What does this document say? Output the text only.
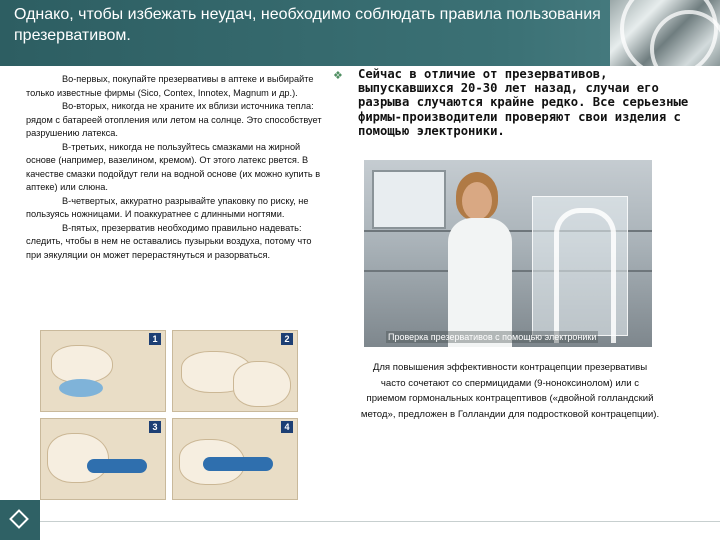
Однако, чтобы избежать неудач, необходимо соблюдать правила пользования презервативом.

Во-первых, покупайте презервативы в аптеке и выбирайте только известные фирмы (Sico, Contex, Innotex, Magnum и др.).

Во-вторых, никогда не храните их вблизи источника тепла: рядом с батареей отопления или летом на солнце. Это способствует разрушению латекса.

В-третьих, никогда не пользуйтесь смазками на жирной основе (например, вазелином, кремом). От этого латекс рвется. В качестве смазки подойдут гели на водной основе (их можно купить в аптеке) или слюна.

В-четвертых, аккуратно разрывайте упаковку по риску, не пользуясь ножницами. И поаккуратнее с длинными ногтями.

В-пятых, презерватив необходимо правильно надевать: следить, чтобы в нем не оставались пузырьки воздуха, потому что при эякуляции он может перерастянуться и разорваться.

❖ Сейчас в отличие от презервативов, выпускавшихся 20-30 лет назад, случаи его разрыва случаются крайне редко. Все серьезные фирмы-производители проверяют свои изделия с помощью электроники.
Проверка презервативов с помощью электроники
Для повышения эффективности контрацепции презервативы часто сочетают со спермицидами (9-ноноксинолом) или с приемом гормональных контрацептивов («двойной голландский метод», предложен в Голландии для подростковой контрацепции).
1	2
3	4
